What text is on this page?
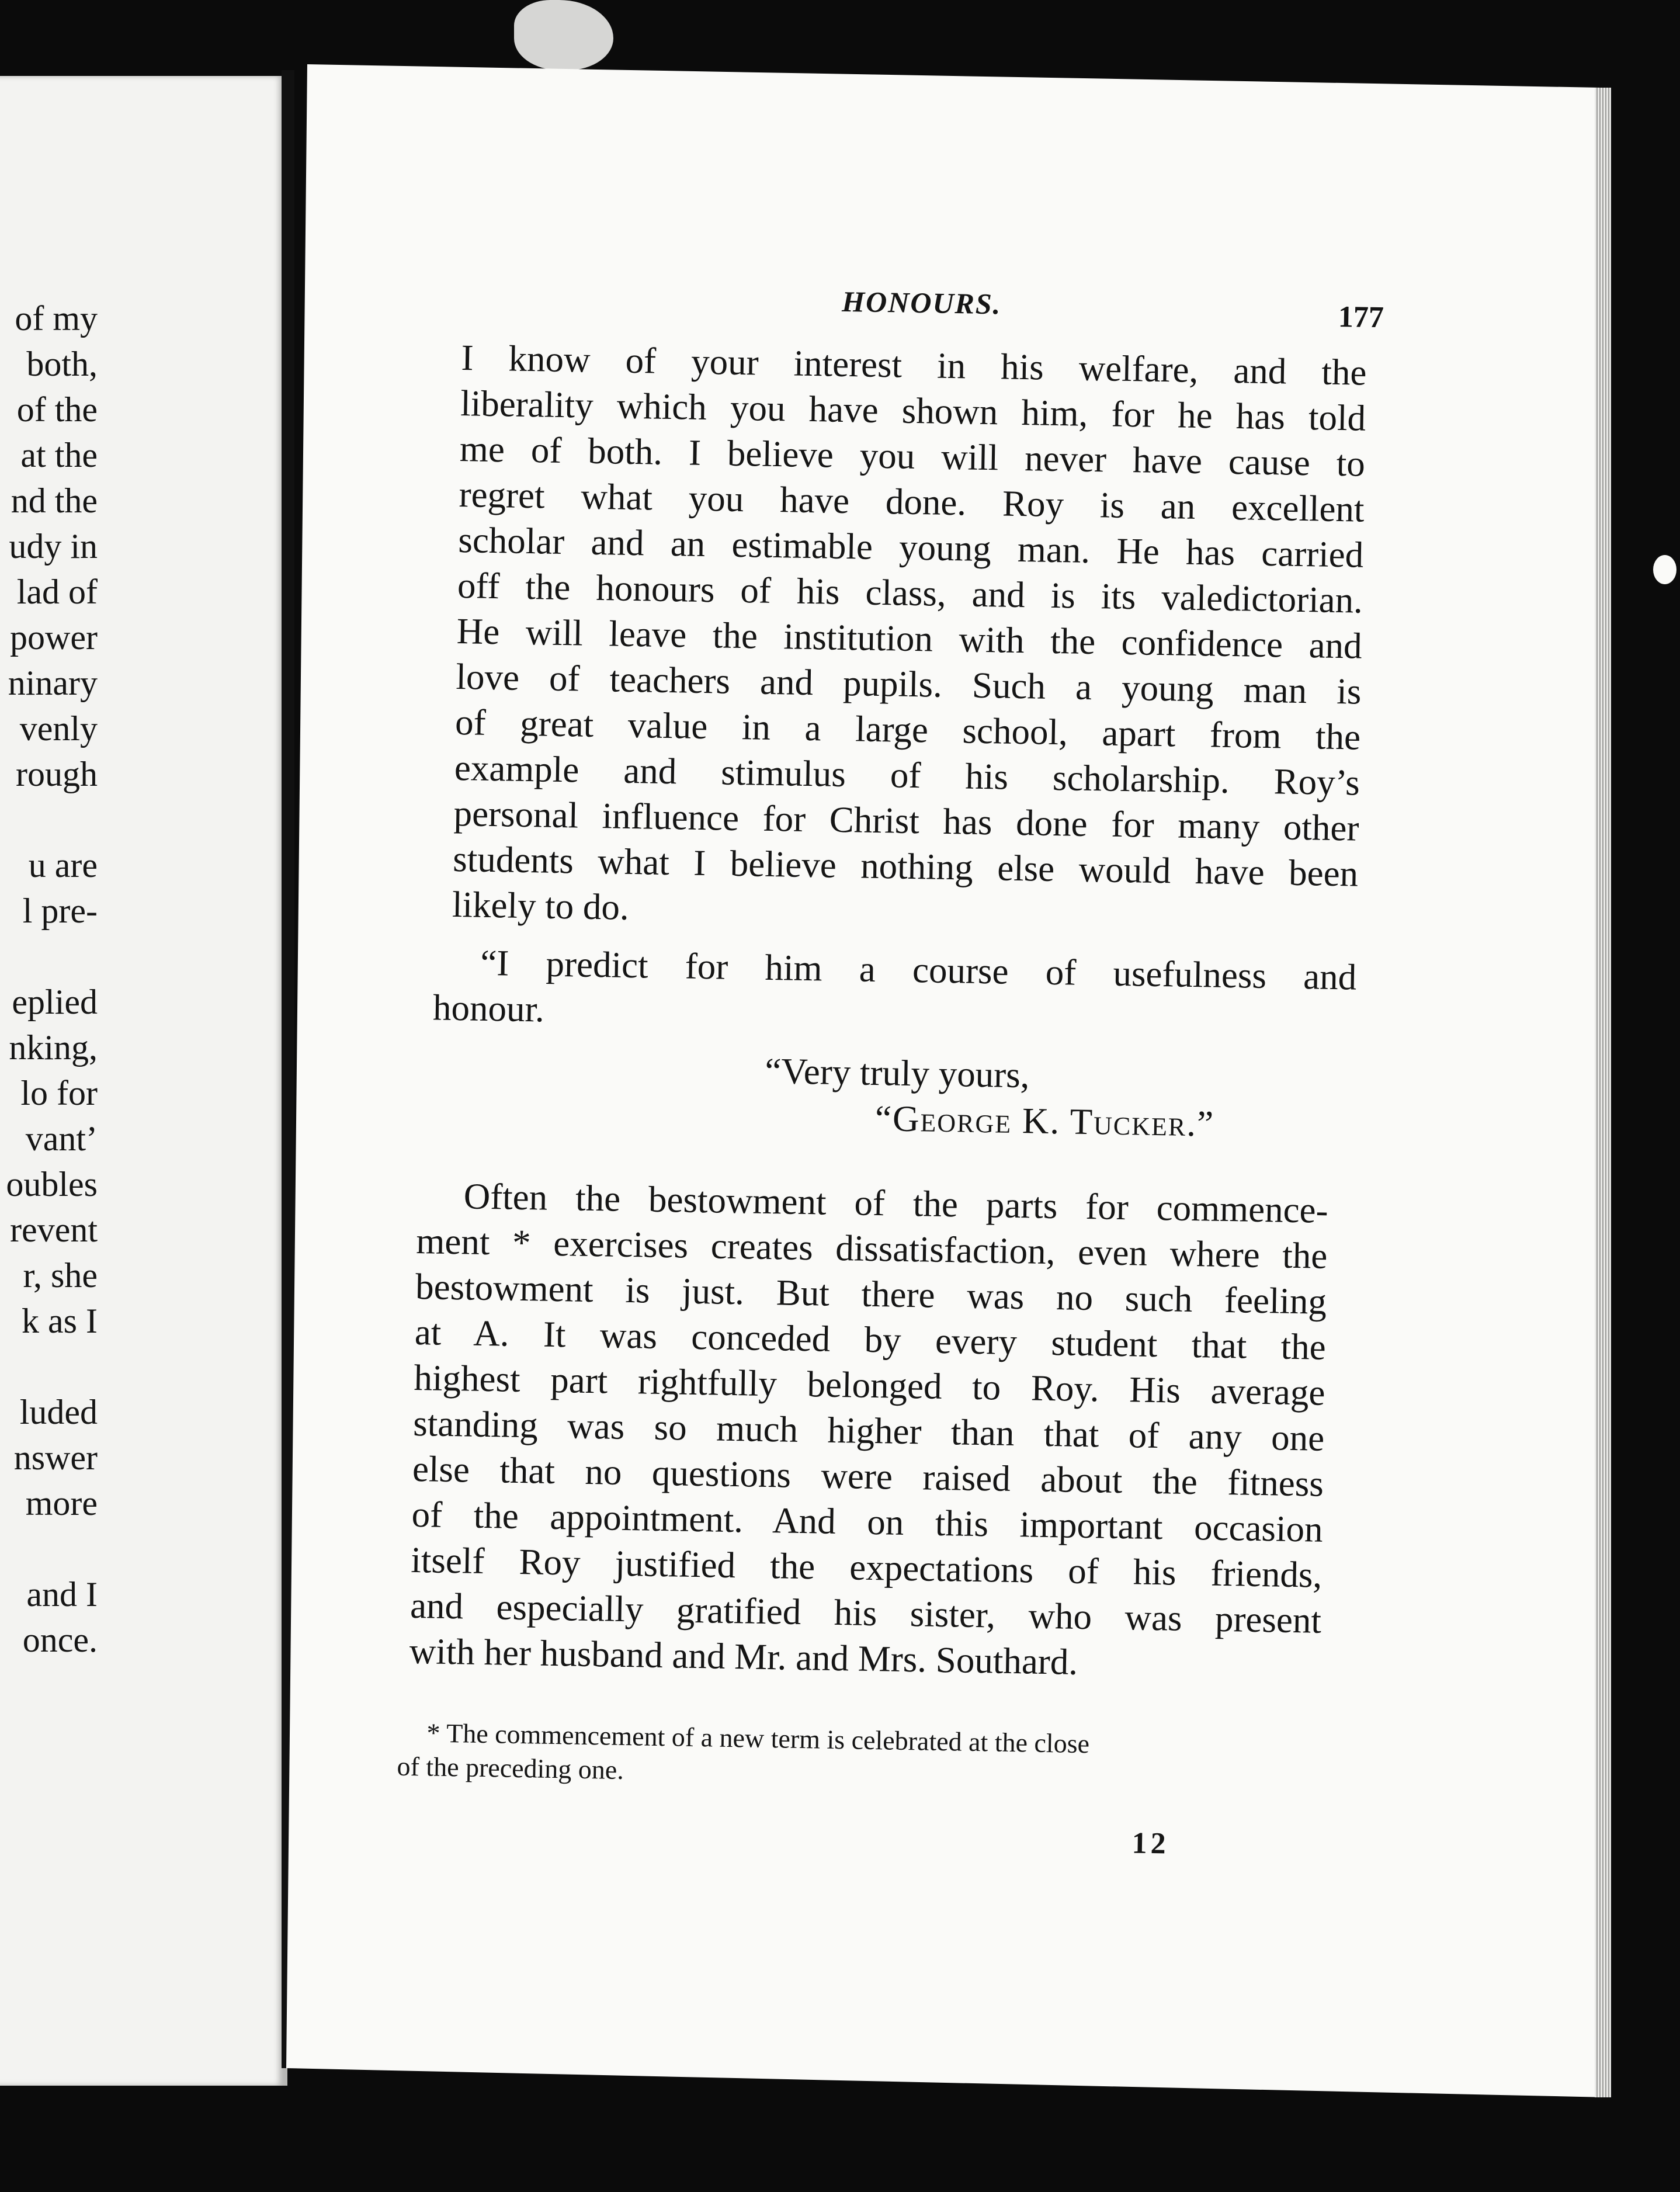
of my
both,
of the
at the
nd the
udy in
lad of
power
ninary
venly
rough
u are
l pre-
eplied
nking,
lo for
vant’
oubles
revent
r, she
k as I
luded
nswer
more
and I
once.
HONOURS.	177
I know of your interest in his welfare, and the
liberality which you have shown him, for he has told
me of both. I believe you will never have cause to
regret what you have done. Roy is an excellent
scholar and an estimable young man. He has carried
off the honours of his class, and is its valedictorian.
He will leave the institution with the confidence and
love of teachers and pupils. Such a young man is
of great value in a large school, apart from the
example and stimulus of his scholarship. Roy’s
personal influence for Christ has done for many other
students what I believe nothing else would have been
likely to do.
“I predict for him a course of usefulness and
honour.
“Very truly yours,
“George K. Tucker.”
Often the bestowment of the parts for commence-
ment * exercises creates dissatisfaction, even where the
bestowment is just. But there was no such feeling
at A. It was conceded by every student that the
highest part rightfully belonged to Roy. His average
standing was so much higher than that of any one
else that no questions were raised about the fitness
of the appointment. And on this important occasion
itself Roy justified the expectations of his friends,
and especially gratified his sister, who was present
with her husband and Mr. and Mrs. Southard.
* The commencement of a new term is celebrated at the close
of the preceding one.
12
